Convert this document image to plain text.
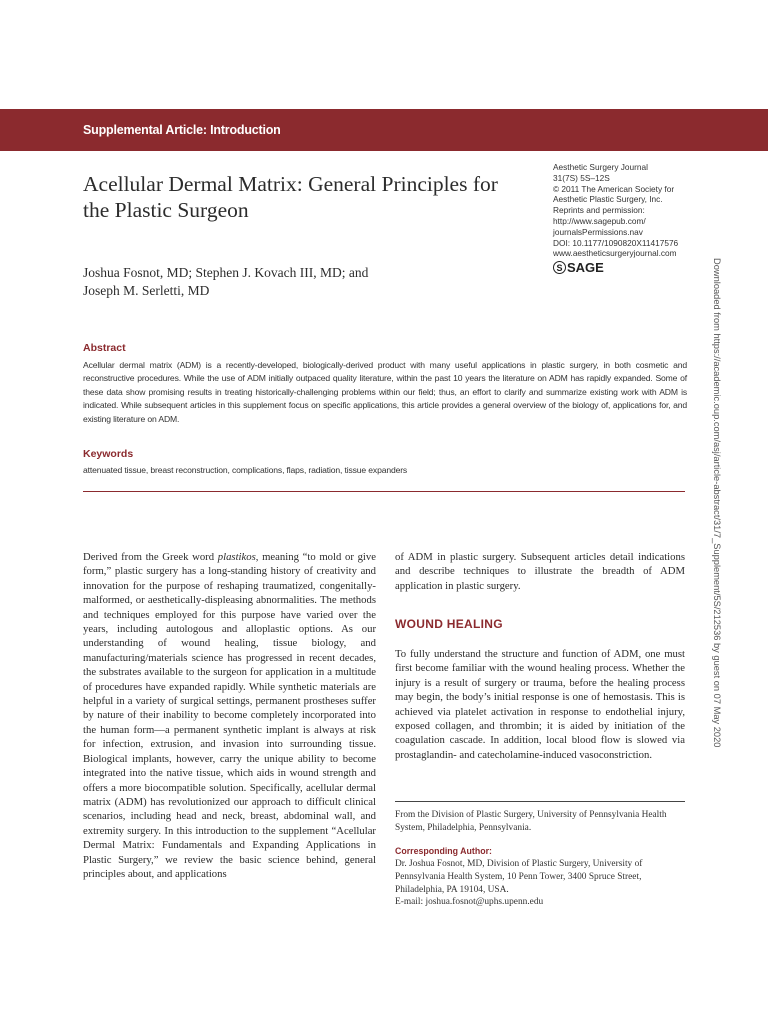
Supplemental Article: Introduction
Acellular Dermal Matrix: General Principles for the Plastic Surgeon
Aesthetic Surgery Journal
31(7S) 5S–12S
© 2011 The American Society for
Aesthetic Plastic Surgery, Inc.
Reprints and permission:
http://www.sagepub.com/
journalsPermissions.nav
DOI: 10.1177/1090820X11417576
www.aestheticsurgeryjournal.com
S SAGE
Joshua Fosnot, MD; Stephen J. Kovach III, MD; and
Joseph M. Serletti, MD	Downloaded from https://academic.oup.com/asj/article-abstract/31/7_Supplement/5S/212536 by guest on 07 May 2020
Abstract
Acellular dermal matrix (ADM) is a recently-developed, biologically-derived product with many useful applications in plastic surgery, in both cosmetic and reconstructive procedures. While the use of ADM initially outpaced quality literature, within the past 10 years the literature on ADM has rapidly expanded. Some of these data show promising results in treating historically-challenging problems within our field; thus, an effort to clarify and summarize existing work with ADM is indicated. While subsequent articles in this supplement focus on specific applications, this article provides a general overview of the biology of, applications for, and existing literature on ADM.
Keywords
attenuated tissue, breast reconstruction, complications, flaps, radiation, tissue expanders
Derived from the Greek word plastikos, meaning “to mold or give form,” plastic surgery has a long-standing history of creativity and innovation for the purpose of reshaping traumatized, congenitally-malformed, or aesthetically-displeasing abnormalities. The methods and techniques employed for this purpose have varied over the years, including autologous and alloplastic options. As our understanding of wound healing, tissue biology, and manufacturing/materials science has progressed in recent decades, the substrates available to the surgeon for application in a multitude of procedures have expanded rapidly. While synthetic materials are helpful in a variety of surgical settings, permanent prostheses suffer by nature of their inability to become completely incorporated into the human form—a permanent synthetic implant is always at risk for infection, extrusion, and invasion into surrounding tissue. Biological implants, however, carry the unique ability to become integrated into the native tissue, which aids in wound strength and offers a more biocompatible solution. Specifically, acellular dermal matrix (ADM) has revolutionized our approach to difficult clinical scenarios, including head and neck, breast, abdominal wall, and extremity surgery. In this introduction to the supplement “Acellular Dermal Matrix: Fundamentals and Expanding Applications in Plastic Surgery,” we review the basic science behind, general principles about, and applications
of ADM in plastic surgery. Subsequent articles detail indications and describe techniques to illustrate the breadth of ADM application in plastic surgery.
WOUND HEALING
To fully understand the structure and function of ADM, one must first become familiar with the wound healing process. Whether the injury is a result of surgery or trauma, before the healing process may begin, the body’s initial response is one of hemostasis. This is achieved via platelet activation in response to endothelial injury, exposed collagen, and thrombin; it is aided by initiation of the coagulation cascade. In addition, local blood flow is slowed via prostaglandin- and catecholamine-induced vasoconstriction.
From the Division of Plastic Surgery, University of Pennsylvania Health System, Philadelphia, Pennsylvania.
Corresponding Author:
Dr. Joshua Fosnot, MD, Division of Plastic Surgery, University of
Pennsylvania Health System, 10 Penn Tower, 3400 Spruce Street,
Philadelphia, PA 19104, USA.
E-mail: joshua.fosnot@uphs.upenn.edu
